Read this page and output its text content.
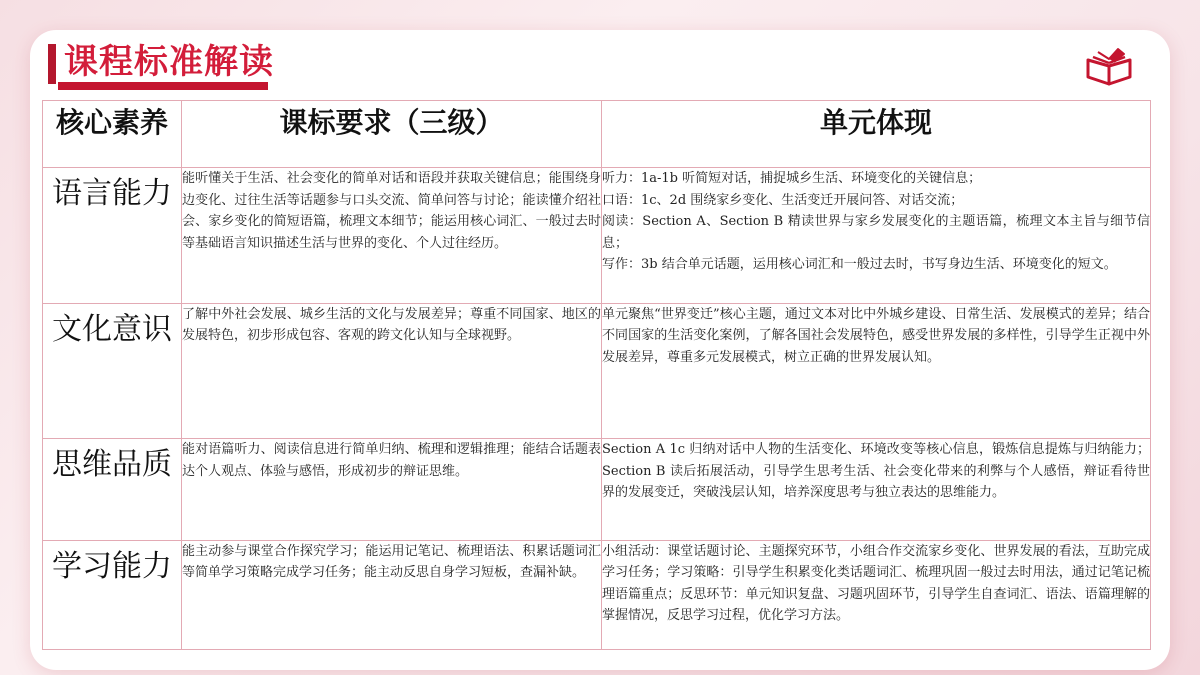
课程标准解读
核心素养	课标要求（三级）	单元体现
语言能力	能听懂关于生活、社会变化的简单对话和语段并获取关键信息；能围绕身边变化、过往生活等话题参与口头交流、简单问答与讨论；能读懂介绍社会、家乡变化的简短语篇，梳理文本细节；能运用核心词汇、一般过去时等基础语言知识描述生活与世界的变化、个人过往经历。	听力：1a-1b 听简短对话，捕捉城乡生活、环境变化的关键信息；
口语：1c、2d 围绕家乡变化、生活变迁开展问答、对话交流；
阅读：Section A、Section B 精读世界与家乡发展变化的主题语篇，梳理文本主旨与细节信息；
写作：3b 结合单元话题，运用核心词汇和一般过去时，书写身边生活、环境变化的短文。

文化意识	了解中外社会发展、城乡生活的文化与发展差异；尊重不同国家、地区的发展特色，初步形成包容、客观的跨文化认知与全球视野。	单元聚焦“世界变迁”核心主题，通过文本对比中外城乡建设、日常生活、发展模式的差异；结合不同国家的生活变化案例，了解各国社会发展特色，感受世界发展的多样性，引导学生正视中外发展差异，尊重多元发展模式，树立正确的世界发展认知。

思维品质	能对语篇听力、阅读信息进行简单归纳、梳理和逻辑推理；能结合话题表达个人观点、体验与感悟，形成初步的辩证思维。	Section A 1c 归纳对话中人物的生活变化、环境改变等核心信息，锻炼信息提炼与归纳能力；Section B 读后拓展活动，引导学生思考生活、社会变化带来的利弊与个人感悟，辩证看待世界的发展变迁，突破浅层认知，培养深度思考与独立表达的思维能力。

学习能力	能主动参与课堂合作探究学习；能运用记笔记、梳理语法、积累话题词汇等简单学习策略完成学习任务；能主动反思自身学习短板，查漏补缺。	小组活动：课堂话题讨论、主题探究环节，小组合作交流家乡变化、世界发展的看法，互助完成学习任务；学习策略：引导学生积累变化类话题词汇、梳理巩固一般过去时用法，通过记笔记梳理语篇重点；反思环节：单元知识复盘、习题巩固环节，引导学生自查词汇、语法、语篇理解的掌握情况，反思学习过程，优化学习方法。
